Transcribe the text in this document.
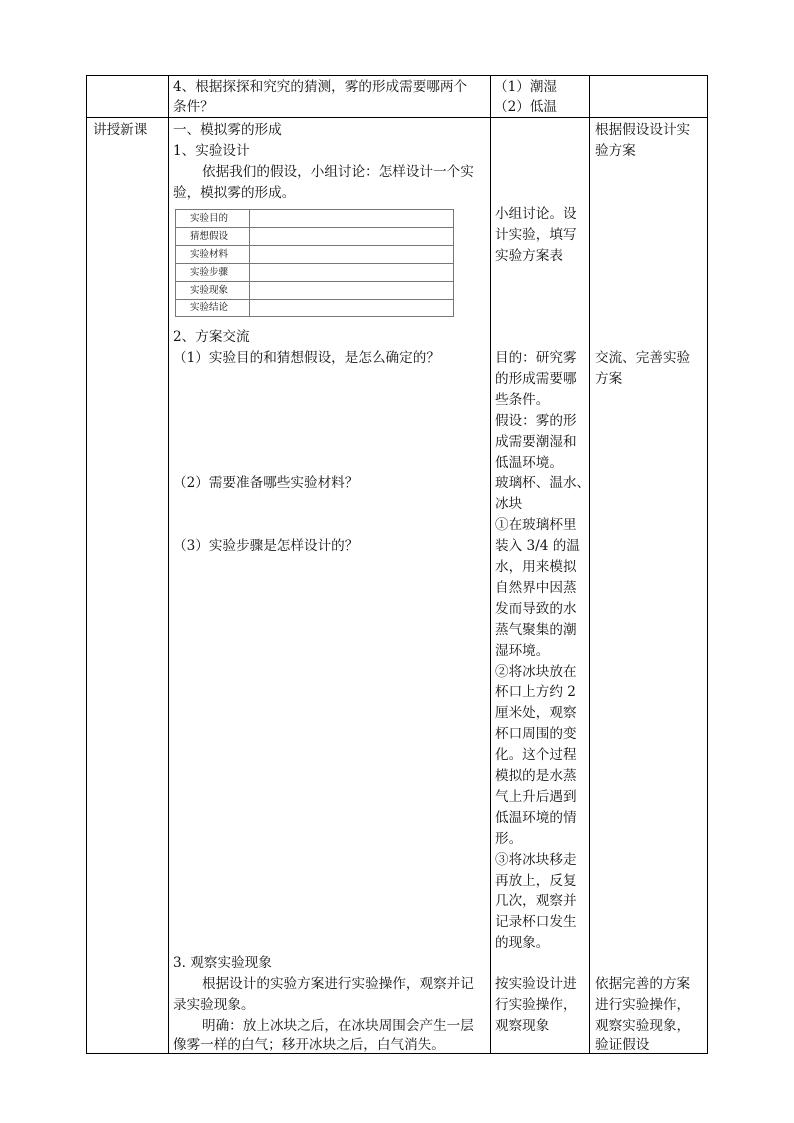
4、根据探探和究究的猜测，雾的形成需要哪两个
条件？
（1）潮湿
（2）低温
讲授新课 一、模拟雾的形成
1、实验设计
依据我们的假设，小组讨论：怎样设计一个实
验，模拟雾的形成。
实验目的
猜想假设
实验材料
实验步骤
实验现象
实验结论
2、方案交流
（1）实验目的和猜想假设，是怎么确定的？
（2）需要准备哪些实验材料？
（3）实验步骤是怎样设计的？
3. 观察实验现象
根据设计的实验方案进行实验操作，观察并记
录实验现象。
明确：放上冰块之后，在冰块周围会产生一层
像雾一样的白气；移开冰块之后，白气消失。
小组讨论。设
计实验，填写
实验方案表
目的：研究雾
的形成需要哪
些条件。
假设：雾的形
成需要潮湿和
低温环境。
玻璃杯、温水、
冰块
①在玻璃杯里
装入 3/4 的温
水，用来模拟
自然界中因蒸
发而导致的水
蒸气聚集的潮
湿环境。
②将冰块放在
杯口上方约 2
厘米处，观察
杯口周围的变
化。这个过程
模拟的是水蒸
气上升后遇到
低温环境的情
形。
③将冰块移走
再放上，反复
几次，观察并
记录杯口发生
的现象。
按实验设计进
行实验操作，
观察现象
根据假设设计实
验方案
交流、完善实验
方案
依据完善的方案
进行实验操作，
观察实验现象，
验证假设
